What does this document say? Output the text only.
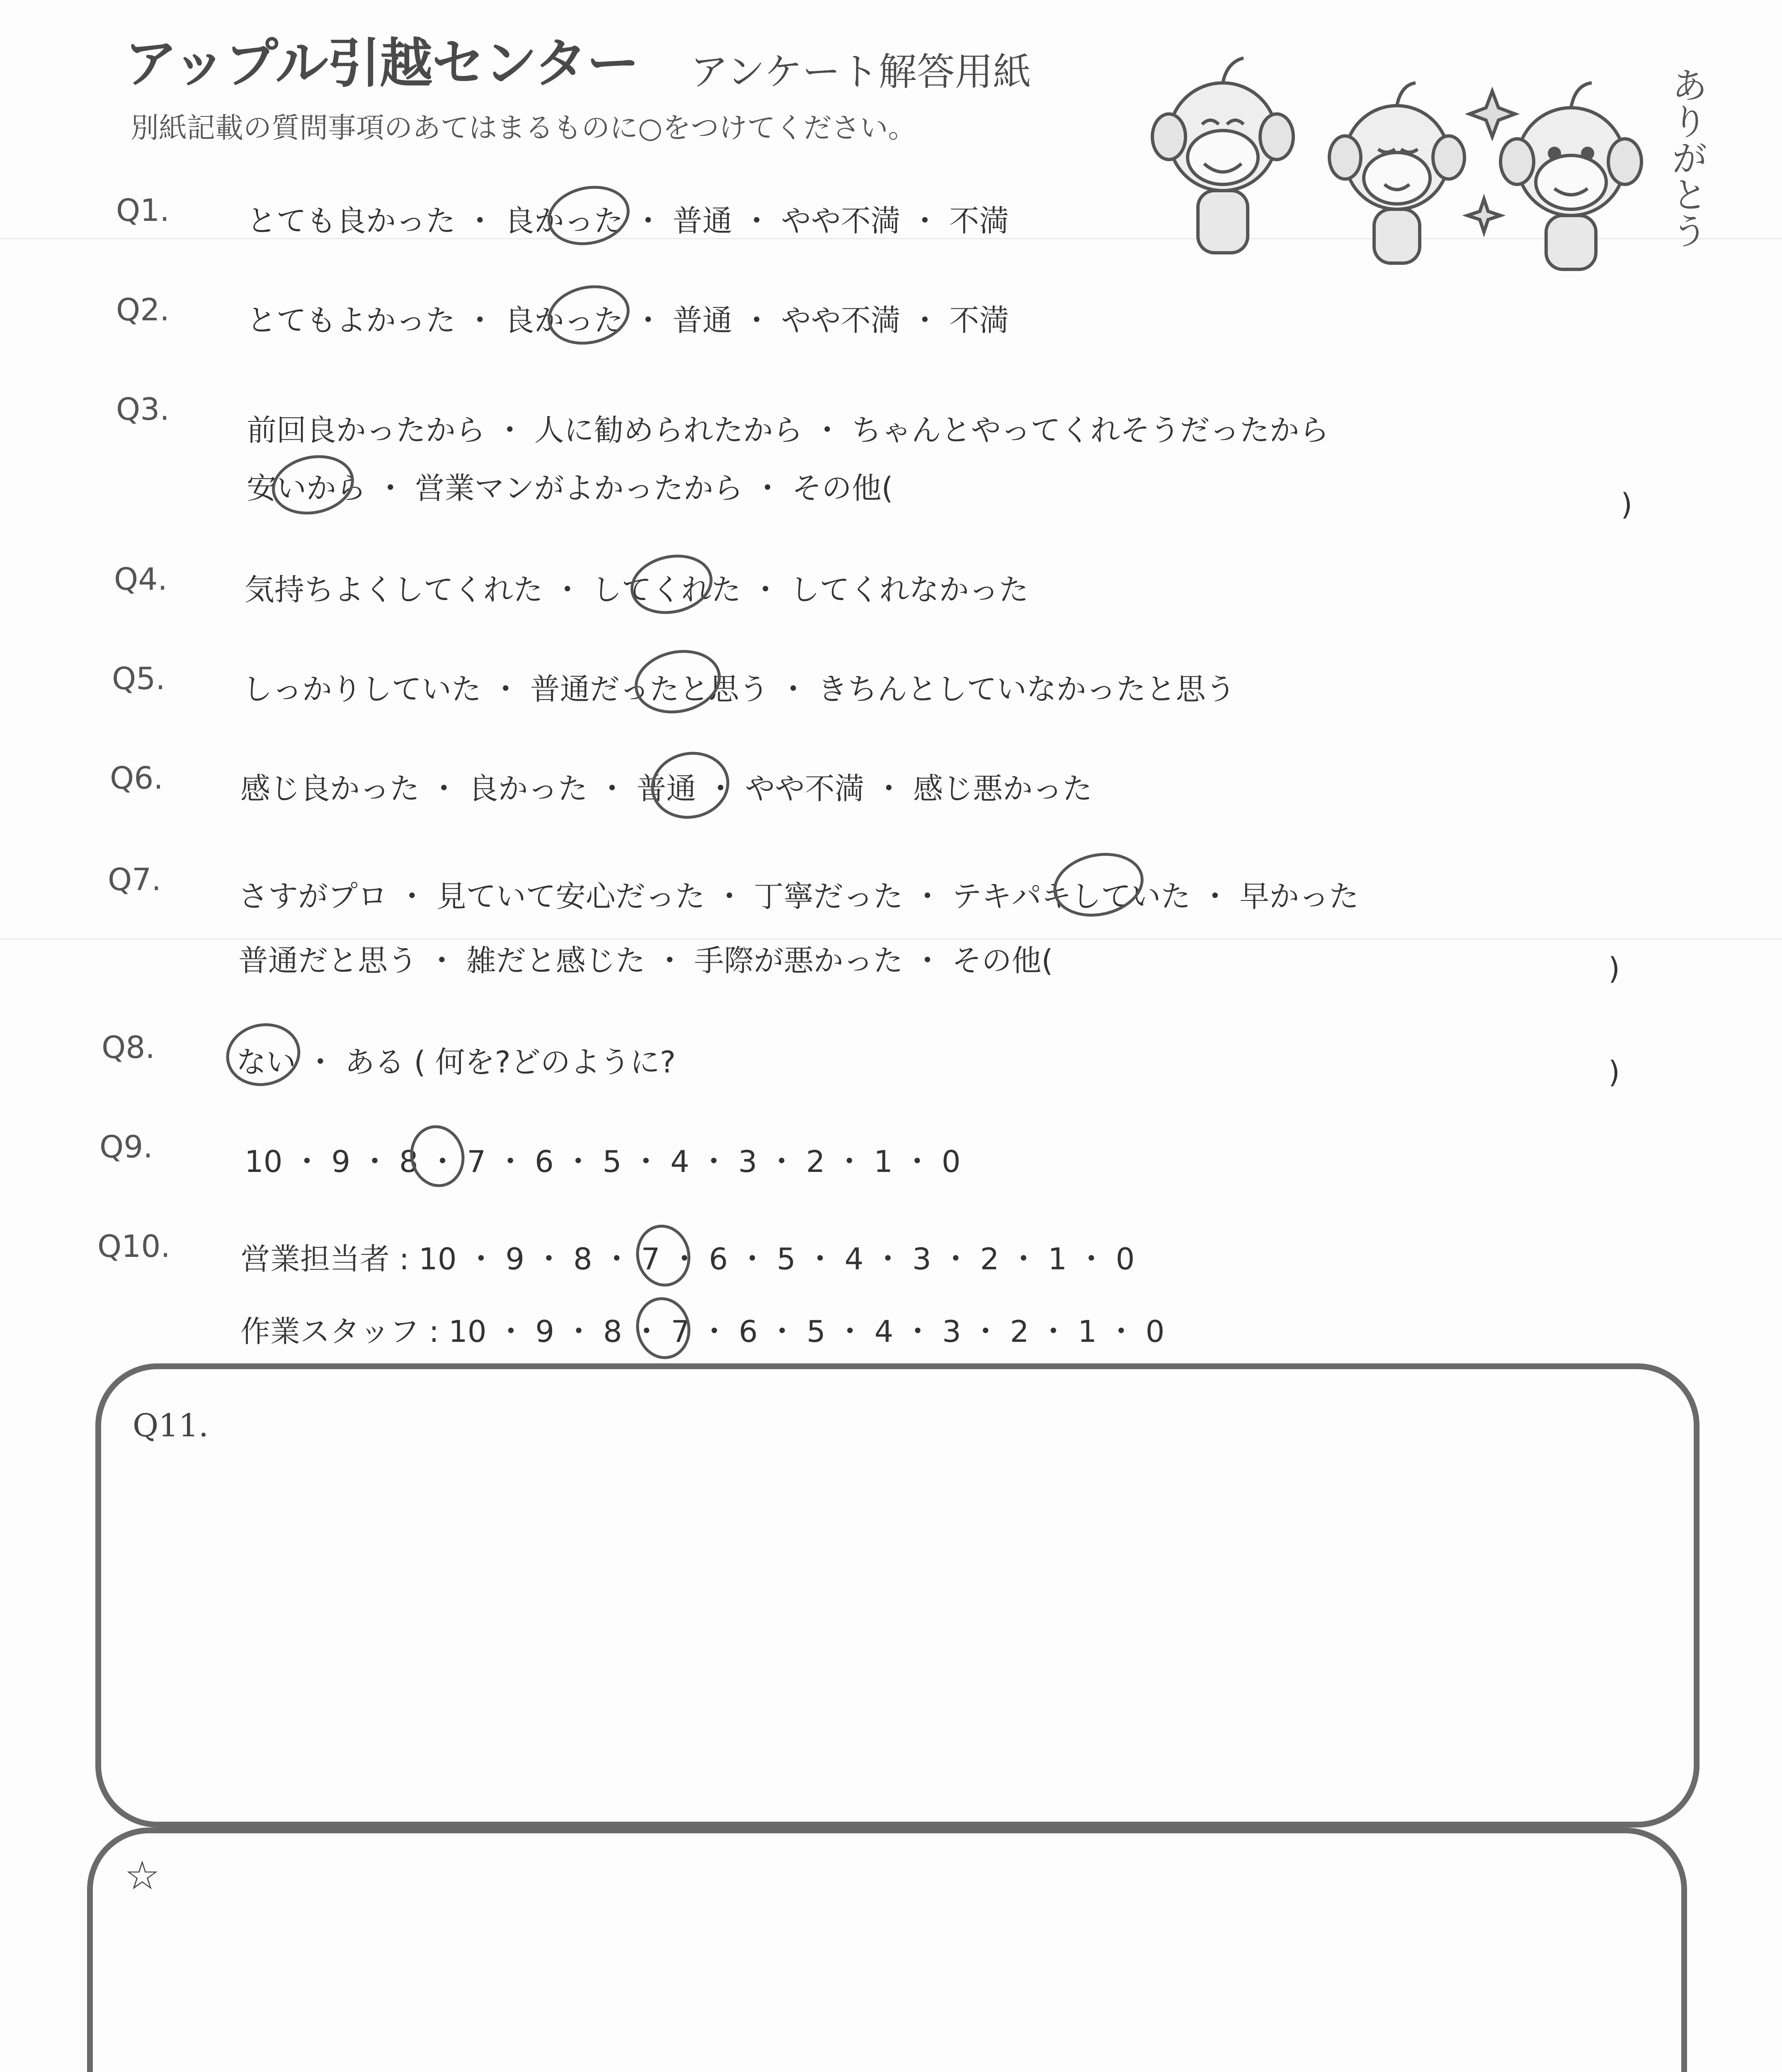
アップル引越センター アンケート解答用紙
別紙記載の質問事項のあてはまるものに○をつけてください。	ありがとう
Q1.	とても良かった ・ 良かった ・ 普通 ・ やや不満 ・ 不満
Q2.	とてもよかった ・ 良かった ・ 普通 ・ やや不満 ・ 不満
Q3.
前回良かったから ・ 人に勧められたから ・ ちゃんとやってくれそうだったから
安いから ・ 営業マンがよかったから ・ その他(	)
Q4.	気持ちよくしてくれた ・ してくれた ・ してくれなかった
Q5.	しっかりしていた ・ 普通だったと思う ・ きちんとしていなかったと思う
Q6.	感じ良かった ・ 良かった ・ 普通 ・ やや不満 ・ 感じ悪かった
Q7.	さすがプロ ・ 見ていて安心だった ・ 丁寧だった ・ テキパキしていた ・ 早かった
普通だと思う ・ 雑だと感じた ・ 手際が悪かった ・ その他(	)
Q8.	ない ・ ある ( 何を?どのように?	)
Q9.	10 ・ 9 ・ 8 ・ 7 ・ 6 ・ 5 ・ 4 ・ 3 ・ 2 ・ 1 ・ 0
Q10. 営業担当者 : 10 ・ 9 ・ 8 ・ 7 ・ 6 ・ 5 ・ 4 ・ 3 ・ 2 ・ 1 ・ 0
作業スタッフ : 10 ・ 9 ・ 8 ・ 7 ・ 6 ・ 5 ・ 4 ・ 3 ・ 2 ・ 1 ・ 0
Q11.
☆
